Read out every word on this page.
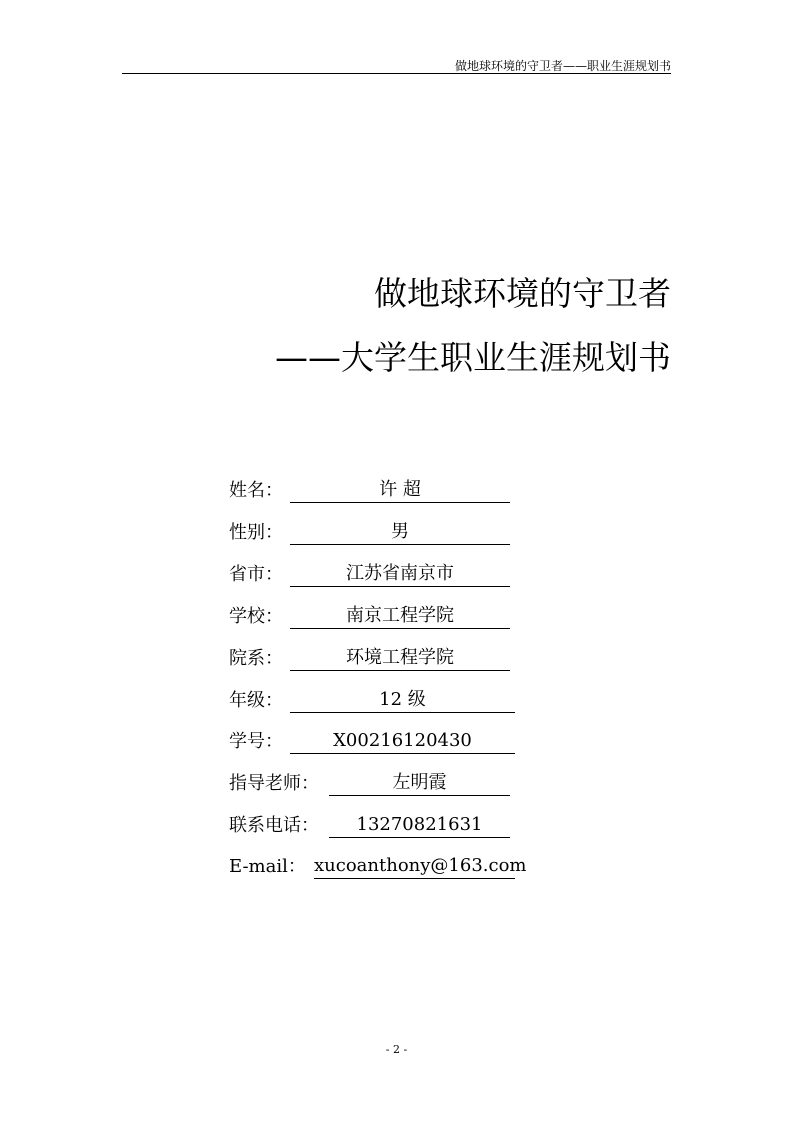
做地球环境的守卫者——职业生涯规划书
做地球环境的守卫者
——大学生职业生涯规划书
姓名：	许 超
性别：	男
省市：	江苏省南京市
学校：	南京工程学院
院系：	环境工程学院
年级：	12 级
学号：	X00216120430
指导老师：	左明霞
联系电话：	13270821631
E-mail： xucoanthony@163.com
- 2 -
